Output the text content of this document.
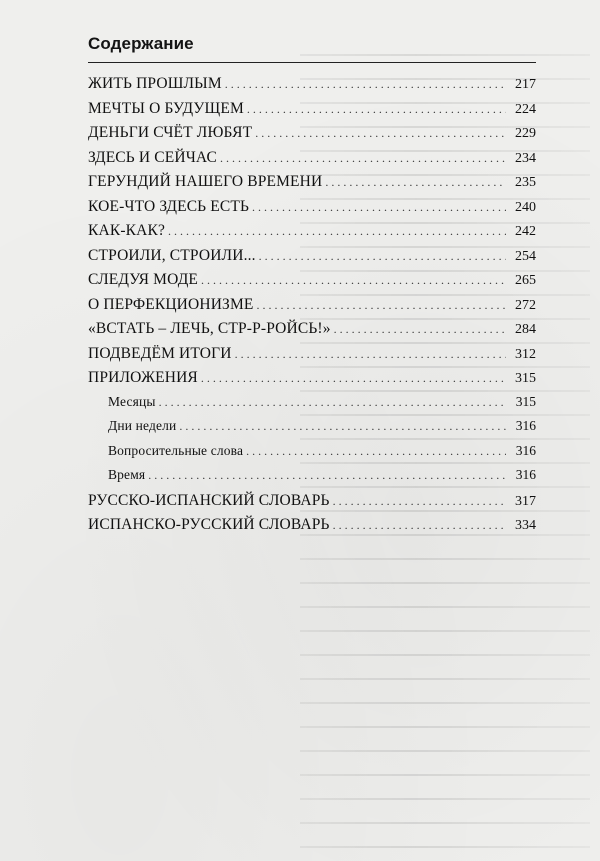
Содержание
ЖИТЬ ПРОШЛЫМ . . .	217
МЕЧТЫ О БУДУЩЕМ . . .	224
ДЕНЬГИ СЧЁТ ЛЮБЯТ . . .	229
ЗДЕСЬ И СЕЙЧАС . . .	234
ГЕРУНДИЙ НАШЕГО ВРЕМЕНИ . . .	235
КОЕ-ЧТО ЗДЕСЬ ЕСТЬ . . .	240
КАК-КАК? . . .	242
СТРОИЛИ, СТРОИЛИ... . . .	254
СЛЕДУЯ МОДЕ . . .	265
О ПЕРФЕКЦИОНИЗМЕ . . .	272
«ВСТАТЬ – ЛЕЧЬ, СТР-Р-РОЙСЬ!» . . .	284
ПОДВЕДЁМ ИТОГИ . . .	312
ПРИЛОЖЕНИЯ . . .	315
Месяцы . . .	315
Дни недели . . .	316
Вопросительные слова . . .	316
Время . . .	316
РУССКО-ИСПАНСКИЙ СЛОВАРЬ . . .	317
ИСПАНСКО-РУССКИЙ СЛОВАРЬ . . .	334
